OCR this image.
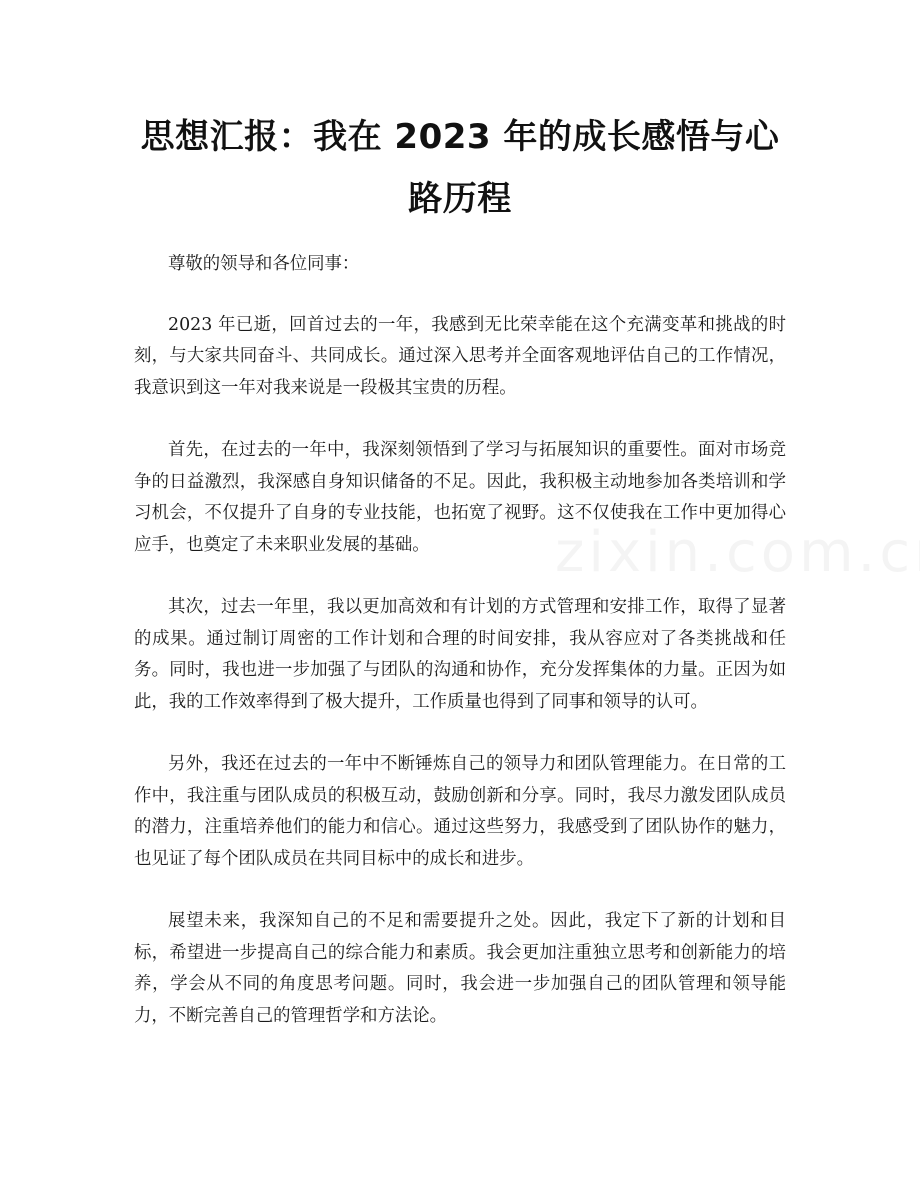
思想汇报：我在 2023 年的成长感悟与心路历程

尊敬的领导和各位同事：

2023 年已逝，回首过去的一年，我感到无比荣幸能在这个充满变革和挑战的时刻，与大家共同奋斗、共同成长。通过深入思考并全面客观地评估自己的工作情况，我意识到这一年对我来说是一段极其宝贵的历程。

首先，在过去的一年中，我深刻领悟到了学习与拓展知识的重要性。面对市场竞争的日益激烈，我深感自身知识储备的不足。因此，我积极主动地参加各类培训和学习机会，不仅提升了自身的专业技能，也拓宽了视野。这不仅使我在工作中更加得心应手，也奠定了未来职业发展的基础。

其次，过去一年里，我以更加高效和有计划的方式管理和安排工作，取得了显著的成果。通过制订周密的工作计划和合理的时间安排，我从容应对了各类挑战和任务。同时，我也进一步加强了与团队的沟通和协作，充分发挥集体的力量。正因为如此，我的工作效率得到了极大提升，工作质量也得到了同事和领导的认可。

另外，我还在过去的一年中不断锤炼自己的领导力和团队管理能力。在日常的工作中，我注重与团队成员的积极互动，鼓励创新和分享。同时，我尽力激发团队成员的潜力，注重培养他们的能力和信心。通过这些努力，我感受到了团队协作的魅力，也见证了每个团队成员在共同目标中的成长和进步。

展望未来，我深知自己的不足和需要提升之处。因此，我定下了新的计划和目标，希望进一步提高自己的综合能力和素质。我会更加注重独立思考和创新能力的培养，学会从不同的角度思考问题。同时，我会进一步加强自己的团队管理和领导能力，不断完善自己的管理哲学和方法论。
